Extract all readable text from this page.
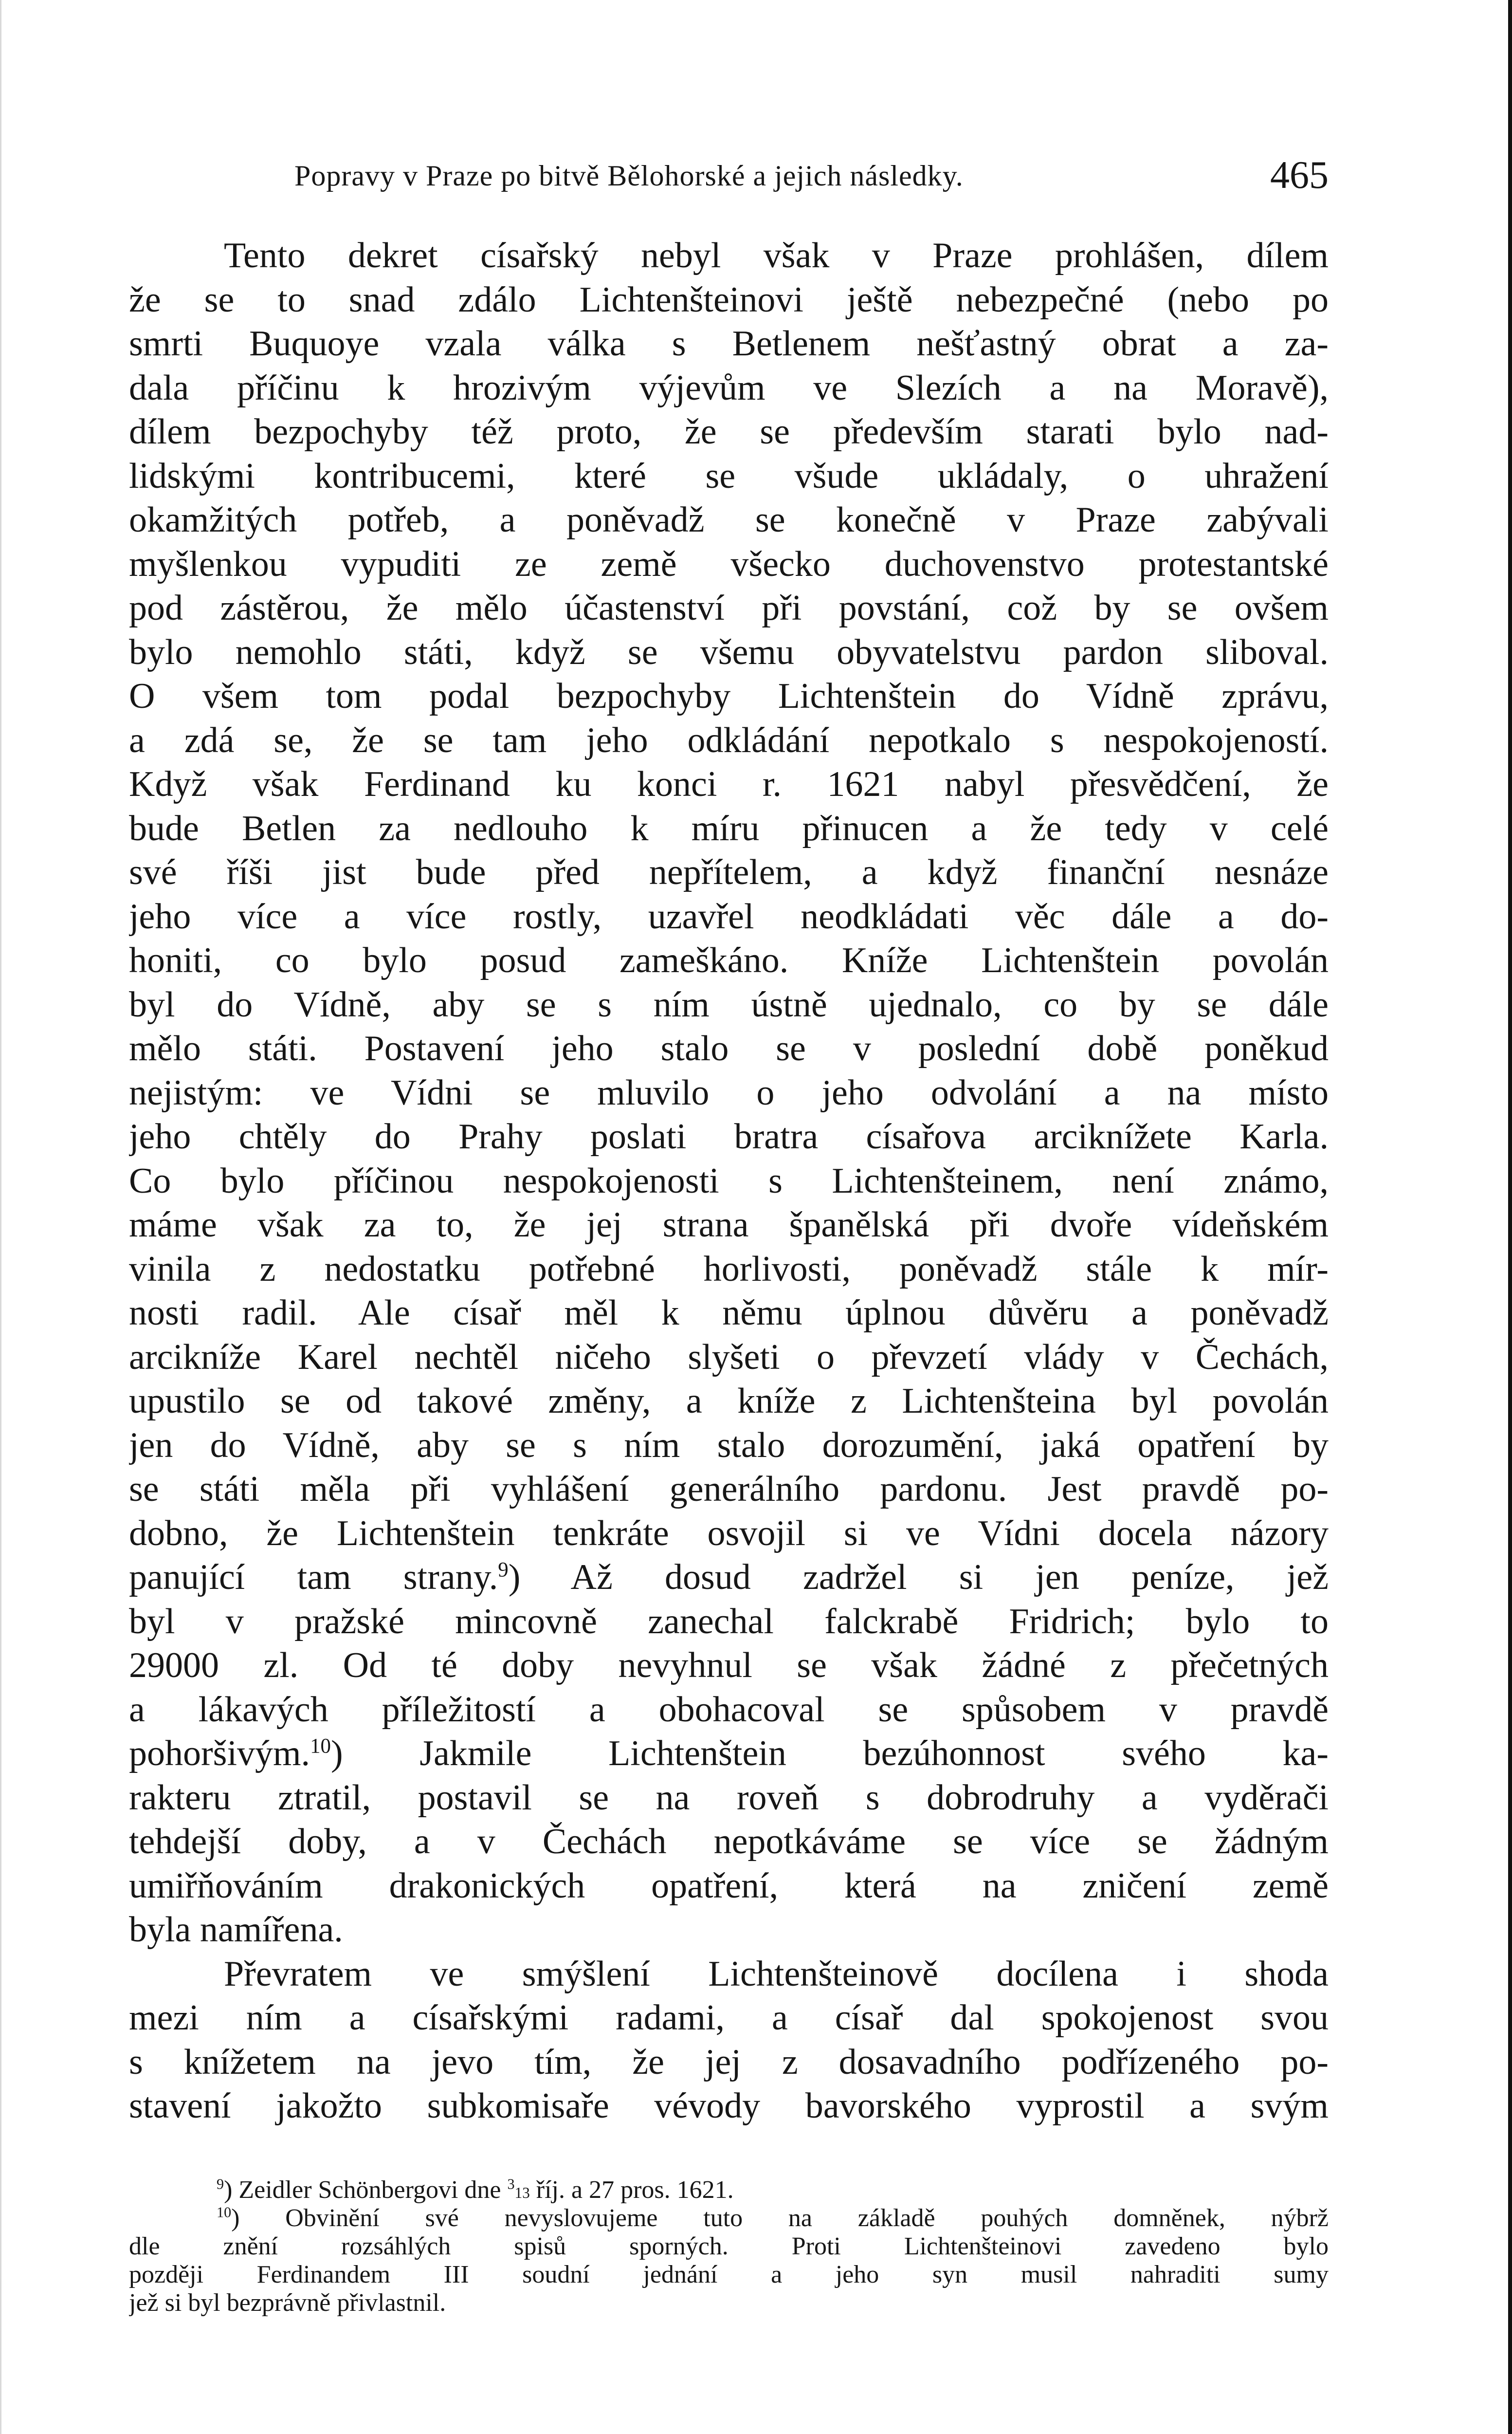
Popravy v Praze po bitvě Bělohorské a jejich následky.	465
Tento dekret císařský nebyl však v Praze prohlášen, dílem
že se to snad zdálo Lichtenšteinovi ještě nebezpečné (nebo po
smrti Buquoye vzala válka s Betlenem nešťastný obrat a za-
dala příčinu k hrozivým výjevům ve Slezích a na Moravě),
dílem bezpochyby též proto, že se především starati bylo nad-
lidskými kontribucemi, které se všude ukládaly, o uhražení
okamžitých potřeb, a poněvadž se konečně v Praze zabývali
myšlenkou vypuditi ze země všecko duchovenstvo protestantské
pod zástěrou, že mělo účastenství při povstání, což by se ovšem
bylo nemohlo státi, když se všemu obyvatelstvu pardon sliboval.
O všem tom podal bezpochyby Lichtenštein do Vídně zprávu,
a zdá se, že se tam jeho odkládání nepotkalo s nespokojeností.
Když však Ferdinand ku konci r. 1621 nabyl přesvědčení, že
bude Betlen za nedlouho k míru přinucen a že tedy v celé
své říši jist bude před nepřítelem, a když finanční nesnáze
jeho více a více rostly, uzavřel neodkládati věc dále a do-
honiti, co bylo posud zameškáno. Kníže Lichtenštein povolán
byl do Vídně, aby se s ním ústně ujednalo, co by se dále
mělo státi. Postavení jeho stalo se v poslední době poněkud
nejistým: ve Vídni se mluvilo o jeho odvolání a na místo
jeho chtěly do Prahy poslati bratra císařova arciknížete Karla.
Co bylo příčinou nespokojenosti s Lichtenšteinem, není známo,
máme však za to, že jej strana španělská při dvoře vídeňském
vinila z nedostatku potřebné horlivosti, poněvadž stále k mír-
nosti radil. Ale císař měl k němu úplnou důvěru a poněvadž
arcikníže Karel nechtěl ničeho slyšeti o převzetí vlády v Čechách,
upustilo se od takové změny, a kníže z Lichtenšteina byl povolán
jen do Vídně, aby se s ním stalo dorozumění, jaká opatření by
se státi měla při vyhlášení generálního pardonu. Jest pravdě po-
dobno, že Lichtenštein tenkráte osvojil si ve Vídni docela názory
panující tam strany.$^9$) Až dosud zadržel si jen peníze, jež
byl v pražské mincovně zanechal falckrabě Fridrich; bylo to
29000 zl. Od té doby nevyhnul se však žádné z přečetných
a lákavých příležitostí a obohacoval se spůsobem v pravdě
pohoršivým.$^{10}$) Jakmile Lichtenštein bezúhonnost svého ka-
rakteru ztratil, postavil se na roveň s dobrodruhy a vyděrači
tehdejší doby, a v Čechách nepotkáváme se více se žádným
umiřňováním drakonických opatření, která na zničení země
byla namířena.
Převratem ve smýšlení Lichtenšteinově docílena i shoda
mezi ním a císařskými radami, a císař dal spokojenost svou
s knížetem na jevo tím, že jej z dosavadního podřízeného po-
stavení jakožto subkomisaře vévody bavorského vyprostil a svým
$^9$) Zeidler Schönbergovi dne $^3$13 říj. a 27 pros. 1621.
$^{10}$) Obvinění své nevyslovujeme tuto na základě pouhých domněnek, nýbrž
dle znění rozsáhlých spisů sporných. Proti Lichtenšteinovi zavedeno bylo
později Ferdinandem III soudní jednání a jeho syn musil nahraditi sumy
jež si byl bezprávně přivlastnil.
